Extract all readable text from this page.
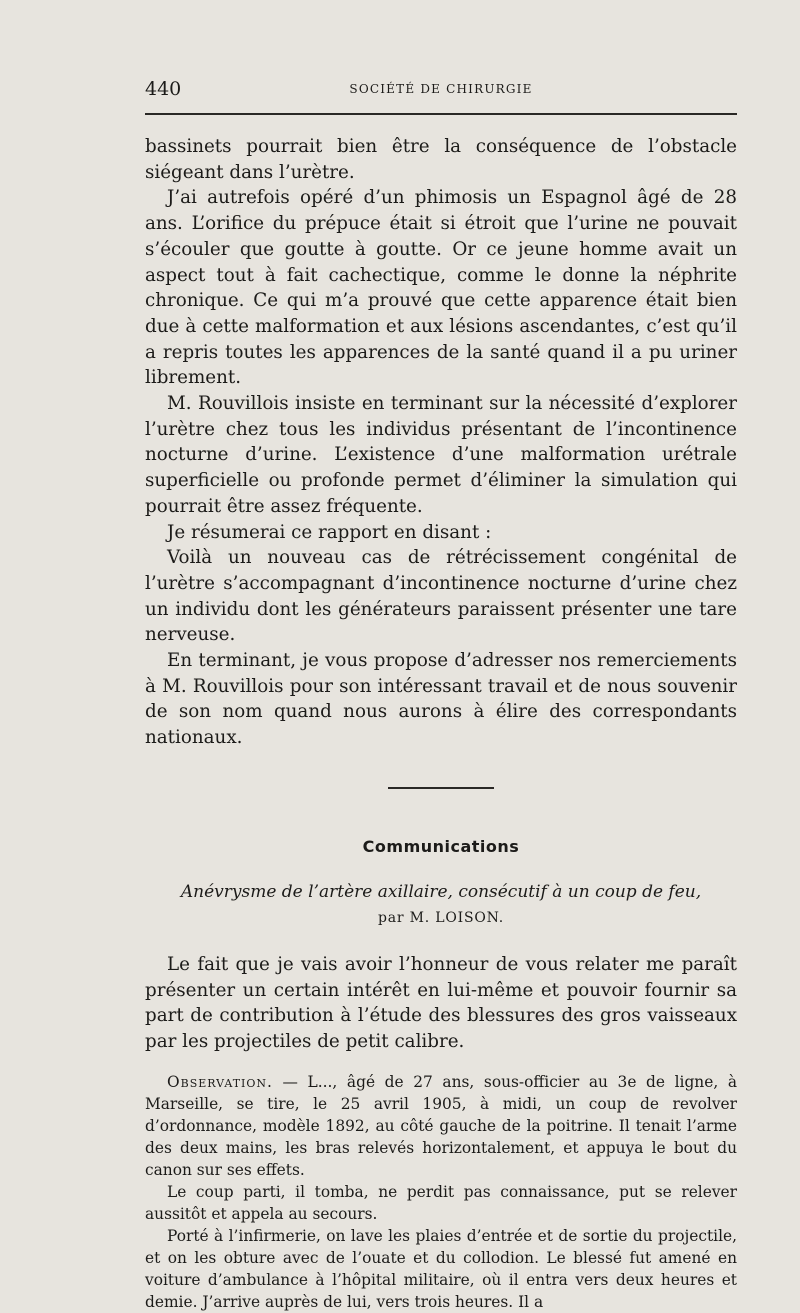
440	SOCIÉTÉ DE CHIRURGIE

bassinets pourrait bien être la conséquence de l’obstacle siégeant dans l’urètre.

J’ai autrefois opéré d’un phimosis un Espagnol âgé de 28 ans. L’orifice du prépuce était si étroit que l’urine ne pouvait s’écouler que goutte à goutte. Or ce jeune homme avait un aspect tout à fait cachectique, comme le donne la néphrite chronique. Ce qui m’a prouvé que cette apparence était bien due à cette malformation et aux lésions ascendantes, c’est qu’il a repris toutes les apparences de la santé quand il a pu uriner librement.

M. Rouvillois insiste en terminant sur la nécessité d’explorer l’urètre chez tous les individus présentant de l’incontinence nocturne d’urine. L’existence d’une malformation urétrale superficielle ou profonde permet d’éliminer la simulation qui pourrait être assez fréquente.

Je résumerai ce rapport en disant :

Voilà un nouveau cas de rétrécissement congénital de l’urètre s’accompagnant d’incontinence nocturne d’urine chez un individu dont les générateurs paraissent présenter une tare nerveuse.

En terminant, je vous propose d’adresser nos remerciements à M. Rouvillois pour son intéressant travail et de nous souvenir de son nom quand nous aurons à élire des correspondants nationaux.

Communications
Anévrysme de l’artère axillaire, consécutif à un coup de feu,
par M. LOISON.

Le fait que je vais avoir l’honneur de vous relater me paraît présenter un certain intérêt en lui-même et pouvoir fournir sa part de contribution à l’étude des blessures des gros vaisseaux par les projectiles de petit calibre.

Observation. — L..., âgé de 27 ans, sous-officier au 3e de ligne, à Marseille, se tire, le 25 avril 1905, à midi, un coup de revolver d’ordonnance, modèle 1892, au côté gauche de la poitrine. Il tenait l’arme des deux mains, les bras relevés horizontalement, et appuya le bout du canon sur ses effets.

Le coup parti, il tomba, ne perdit pas connaissance, put se relever aussitôt et appela au secours.

Porté à l’infirmerie, on lave les plaies d’entrée et de sortie du projectile, et on les obture avec de l’ouate et du collodion. Le blessé fut amené en voiture d’ambulance à l’hôpital militaire, où il entra vers deux heures et demie. J’arrive auprès de lui, vers trois heures. Il a
